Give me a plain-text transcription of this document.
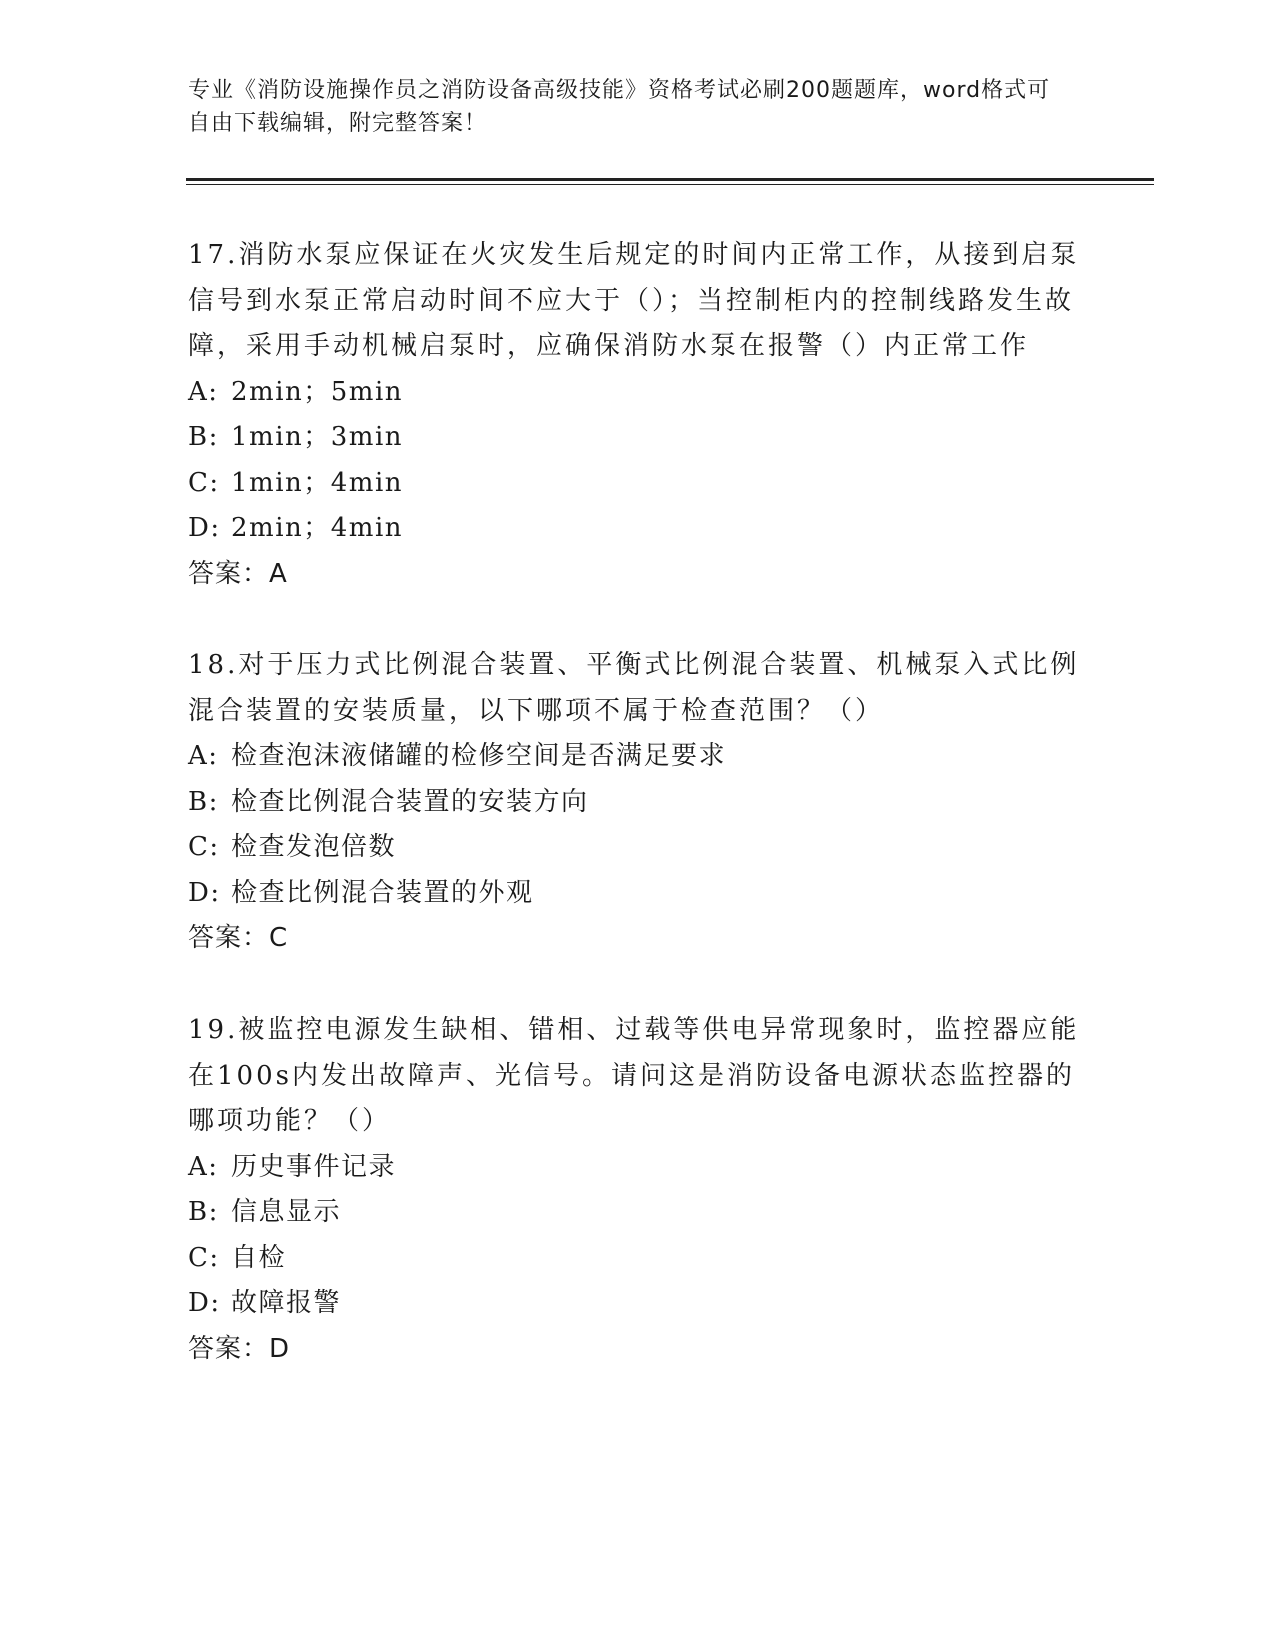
专业《消防设施操作员之消防设备高级技能》资格考试必刷200题题库，word格式可自由下载编辑，附完整答案！
17.消防水泵应保证在火灾发生后规定的时间内正常工作，从接到启泵信号到水泵正常启动时间不应大于（）；当控制柜内的控制线路发生故障，采用手动机械启泵时，应确保消防水泵在报警（）内正常工作
A: 2min；5min
B: 1min；3min
C: 1min；4min
D: 2min；4min
答案：A
18.对于压力式比例混合装置、平衡式比例混合装置、机械泵入式比例混合装置的安装质量，以下哪项不属于检查范围？（）
A: 检查泡沫液储罐的检修空间是否满足要求
B: 检查比例混合装置的安装方向
C: 检查发泡倍数
D: 检查比例混合装置的外观
答案：C
19.被监控电源发生缺相、错相、过载等供电异常现象时，监控器应能在100s内发出故障声、光信号。请问这是消防设备电源状态监控器的哪项功能？（）
A: 历史事件记录
B: 信息显示
C: 自检
D: 故障报警
答案：D
